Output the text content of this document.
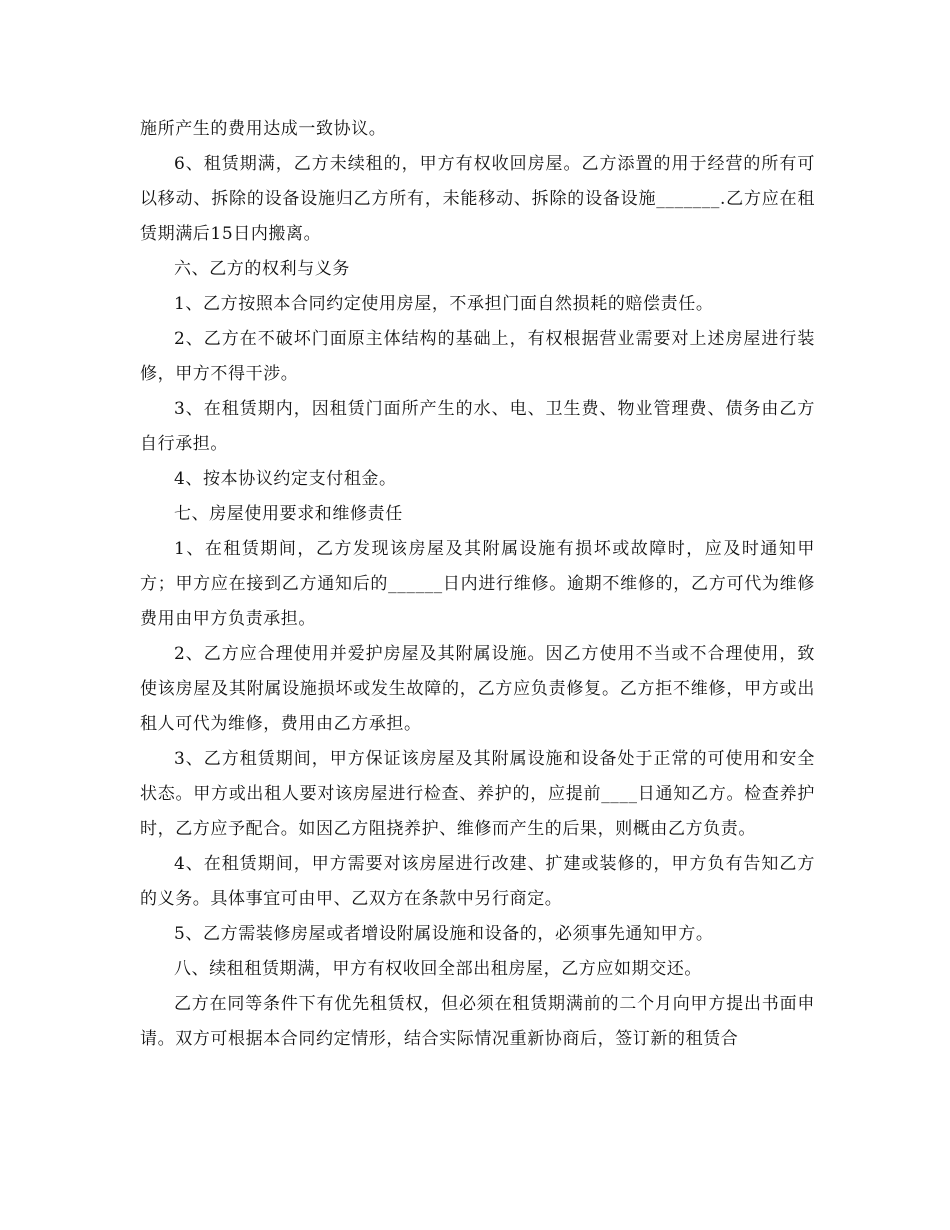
施所产生的费用达成一致协议。

6、租赁期满，乙方未续租的，甲方有权收回房屋。乙方添置的用于经营的所有可以移动、拆除的设备设施归乙方所有，未能移动、拆除的设备设施_______.乙方应在租赁期满后15日内搬离。

六、乙方的权利与义务

1、乙方按照本合同约定使用房屋，不承担门面自然损耗的赔偿责任。

2、乙方在不破坏门面原主体结构的基础上，有权根据营业需要对上述房屋进行装修，甲方不得干涉。

3、在租赁期内，因租赁门面所产生的水、电、卫生费、物业管理费、债务由乙方自行承担。

4、按本协议约定支付租金。

七、房屋使用要求和维修责任

1、在租赁期间，乙方发现该房屋及其附属设施有损坏或故障时，应及时通知甲方；甲方应在接到乙方通知后的______日内进行维修。逾期不维修的，乙方可代为维修费用由甲方负责承担。

2、乙方应合理使用并爱护房屋及其附属设施。因乙方使用不当或不合理使用，致使该房屋及其附属设施损坏或发生故障的，乙方应负责修复。乙方拒不维修，甲方或出租人可代为维修，费用由乙方承担。

3、乙方租赁期间，甲方保证该房屋及其附属设施和设备处于正常的可使用和安全状态。甲方或出租人要对该房屋进行检查、养护的，应提前____日通知乙方。检查养护时，乙方应予配合。如因乙方阻挠养护、维修而产生的后果，则概由乙方负责。

4、在租赁期间，甲方需要对该房屋进行改建、扩建或装修的，甲方负有告知乙方的义务。具体事宜可由甲、乙双方在条款中另行商定。

5、乙方需装修房屋或者增设附属设施和设备的，必须事先通知甲方。

八、续租租赁期满，甲方有权收回全部出租房屋，乙方应如期交还。

乙方在同等条件下有优先租赁权，但必须在租赁期满前的二个月向甲方提出书面申请。双方可根据本合同约定情形，结合实际情况重新协商后，签订新的租赁合
